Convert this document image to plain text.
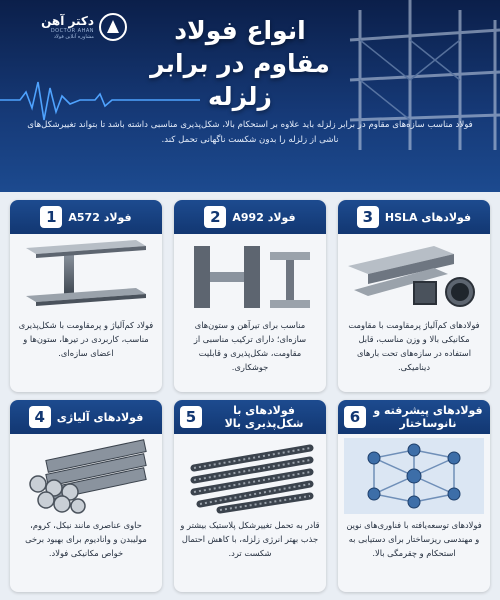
دکتر آهن
DOCTOR AHAN
مشاوره آنلاین فولاد	انواع فولاد
مقاوم در برابر زلزله
فولاد مناسب سازه‌های مقاوم در برابر زلزله باید علاوه بر استحکام بالا، شکل‌پذیری مناسبی داشته باشد تا بتواند تغییرشکل‌های ناشی از زلزله را بدون شکست ناگهانی تحمل کند.
فولاد A572
1
فولاد کم‌آلیاژ و پرمقاومت با شکل‌پذیری مناسب، کاربردی در تیرها، ستون‌ها و اعضای سازه‌ای.
فولاد A992
2
مناسب برای تیرآهن و ستون‌های سازه‌ای؛ دارای ترکیب مناسبی از مقاومت، شکل‌پذیری و قابلیت جوشکاری.
فولادهای HSLA
3
فولادهای کم‌آلیاژ پرمقاومت با مقاومت مکانیکی بالا و وزن مناسب، قابل استفاده در سازه‌های تحت بارهای دینامیکی.
فولادهای آلیاژی
4
حاوی عناصری مانند نیکل، کروم، مولیبدن و وانادیوم برای بهبود برخی خواص مکانیکی فولاد.
فولادهای با شکل‌پذیری بالا
5
قادر به تحمل تغییرشکل پلاستیک بیشتر و جذب بهتر انرژی زلزله، با کاهش احتمال شکست ترد.
فولادهای پیشرفته و نانوساختار
6
فولادهای توسعه‌یافته با فناوری‌های نوین و مهندسی ریزساختار برای دستیابی به استحکام و چقرمگی بالا.
